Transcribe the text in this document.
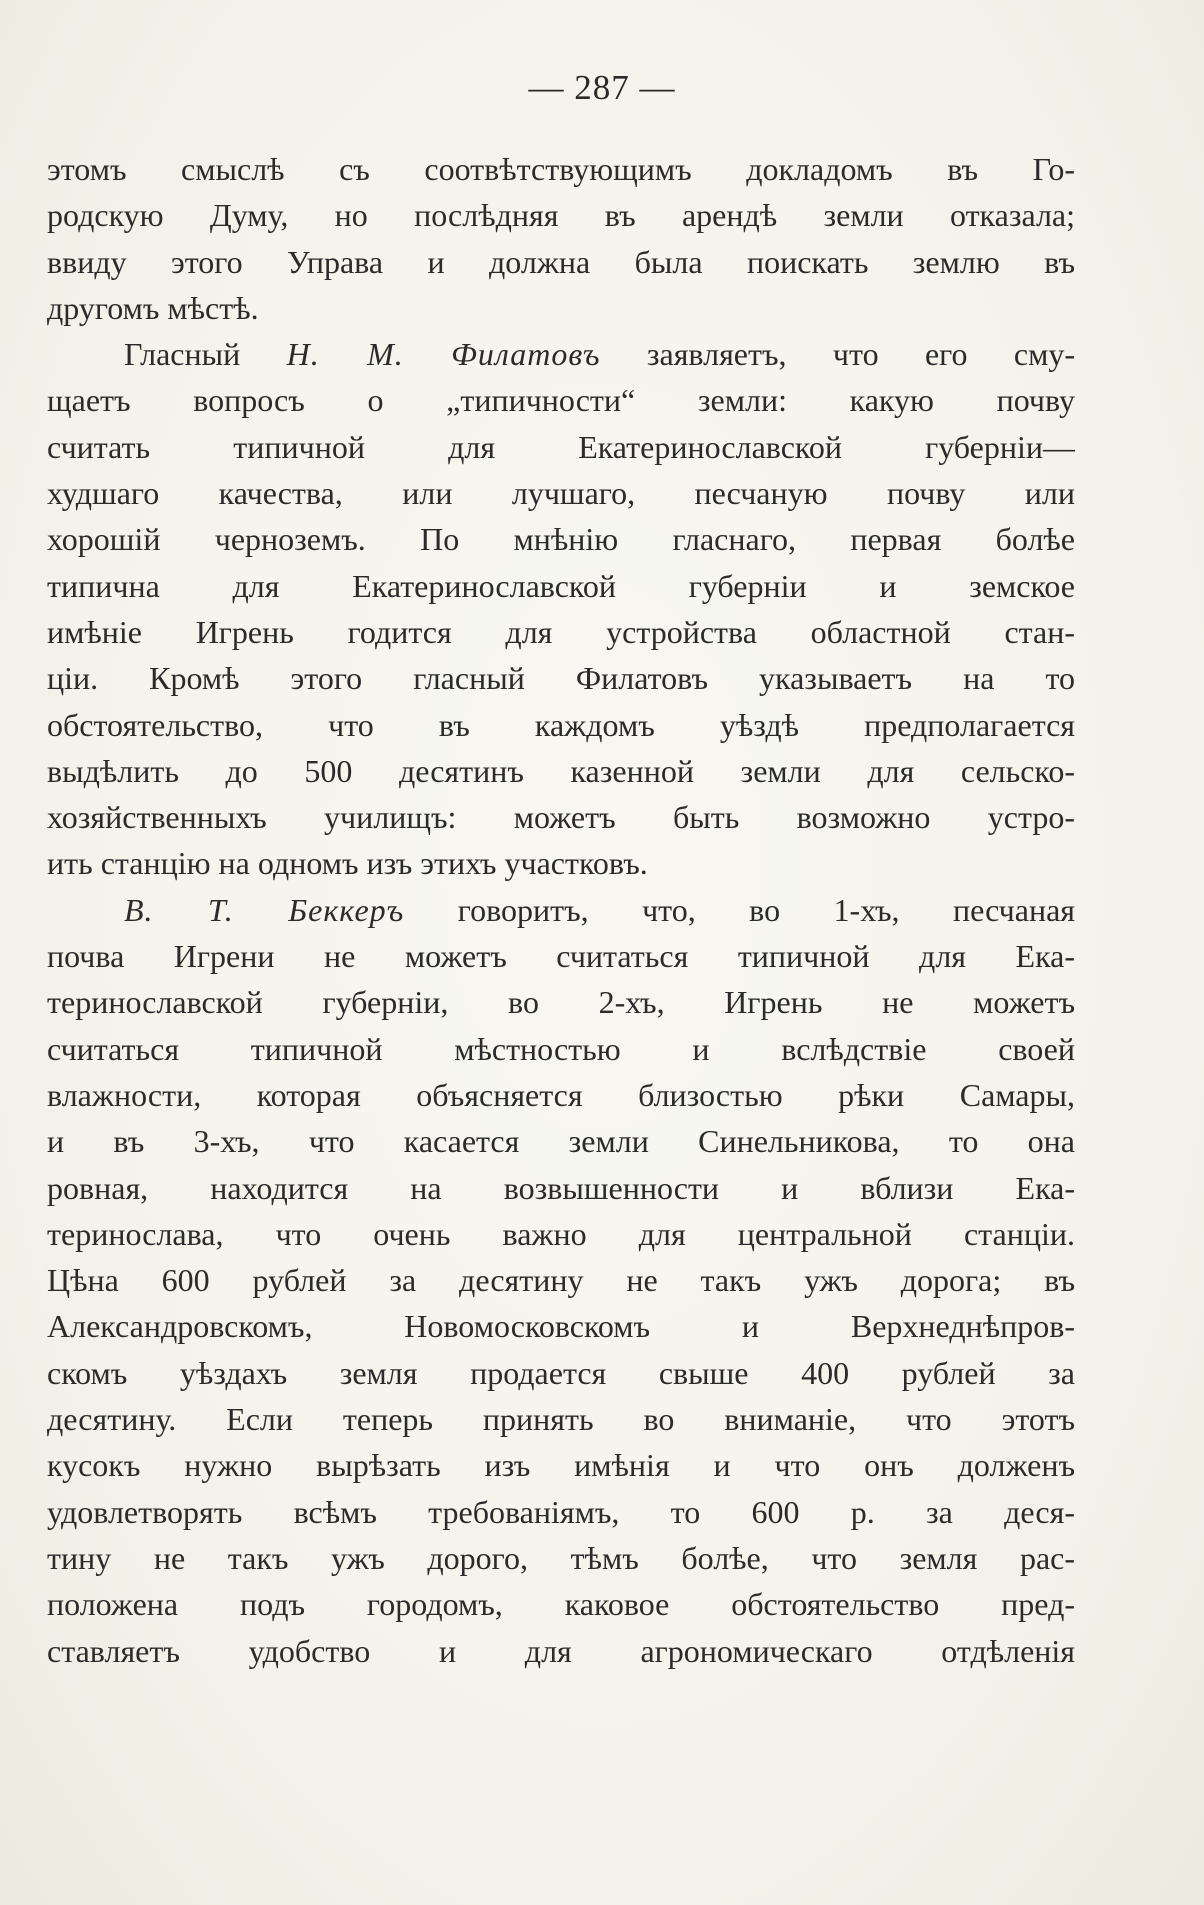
— 287 —
этомъ смыслѣ съ соотвѣтствующимъ докладомъ въ Го-
родскую Думу, но послѣдняя въ арендѣ земли отказала;
ввиду этого Управа и должна была поискать землю въ
другомъ мѣстѣ.
Гласный Н. М. Филатовъ заявляетъ, что его сму-
щаетъ вопросъ о „типичности“ земли: какую почву
считать типичной для Екатеринославской губерніи—
худшаго качества, или лучшаго, песчаную почву или
хорошій черноземъ. По мнѣнію гласнаго, первая болѣе
типична для Екатеринославской губерніи и земское
имѣніе Игрень годится для устройства областной стан-
ціи. Кромѣ этого гласный Филатовъ указываетъ на то
обстоятельство, что въ каждомъ уѣздѣ предполагается
выдѣлить до 500 десятинъ казенной земли для сельско-
хозяйственныхъ училищъ: можетъ быть возможно устро-
ить станцію на одномъ изъ этихъ участковъ.
В. Т. Беккеръ говоритъ, что, во 1-хъ, песчаная
почва Игрени не можетъ считаться типичной для Ека-
теринославской губерніи, во 2-хъ, Игрень не можетъ
считаться типичной мѣстностью и вслѣдствіе своей
влажности, которая объясняется близостью рѣки Самары,
и въ 3-хъ, что касается земли Синельникова, то она
ровная, находится на возвышенности и вблизи Ека-
теринослава, что очень важно для центральной станціи.
Цѣна 600 рублей за десятину не такъ ужъ дорога; въ
Александровскомъ, Новомосковскомъ и Верхнеднѣпров-
скомъ уѣздахъ земля продается свыше 400 рублей за
десятину. Если теперь принять во вниманіе, что этотъ
кусокъ нужно вырѣзать изъ имѣнія и что онъ долженъ
удовлетворять всѣмъ требованіямъ, то 600 р. за деся-
тину не такъ ужъ дорого, тѣмъ болѣе, что земля рас-
положена подъ городомъ, каковое обстоятельство пред-
ставляетъ удобство и для агрономическаго отдѣленія
